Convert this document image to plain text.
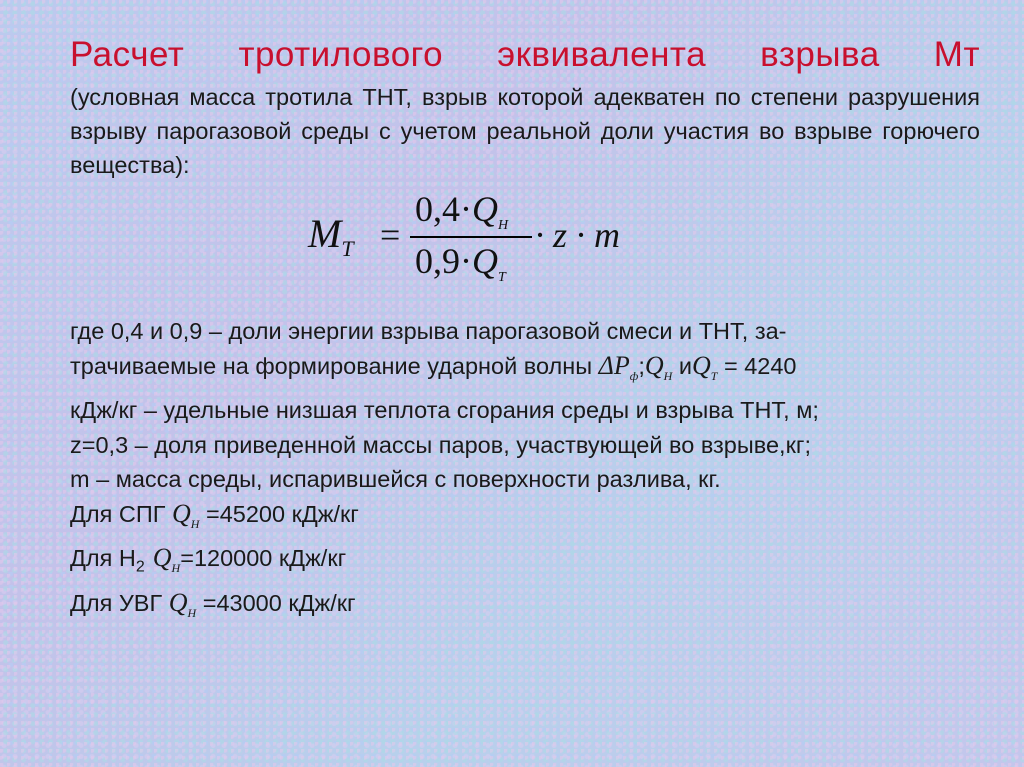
Расчет тротилового эквивалента взрыва Мт
(условная масса тротила ТНТ, взрыв которой адекватен по степени разрушения взрыву парогазовой среды с учетом реальной доли участия во взрыве горючего вещества):
$M_T$ =
$0,4\cdot Q_H$
$0,9\cdot Q_T$
· z · m
где 0,4 и 0,9 – доли энергии взрыва парогазовой смеси и ТНТ, за-
трачиваемые на формирование ударной волны $\Delta P_ф;Q_H$ $иQ_Т = 4240$
кДж/кг – удельные низшая теплота сгорания среды и взрыва ТНТ, м;
z=0,3 – доля приведенной массы паров, участвующей во взрыве,кг;
m – масса среды, испарившейся с поверхности разлива, кг.
Для СПГ $Q_H =45200$ кДж/кг
Для $H_2$ $Q_H=120000$ кДж/кг
Для УВГ $Q_H =43000$ кДж/кг
